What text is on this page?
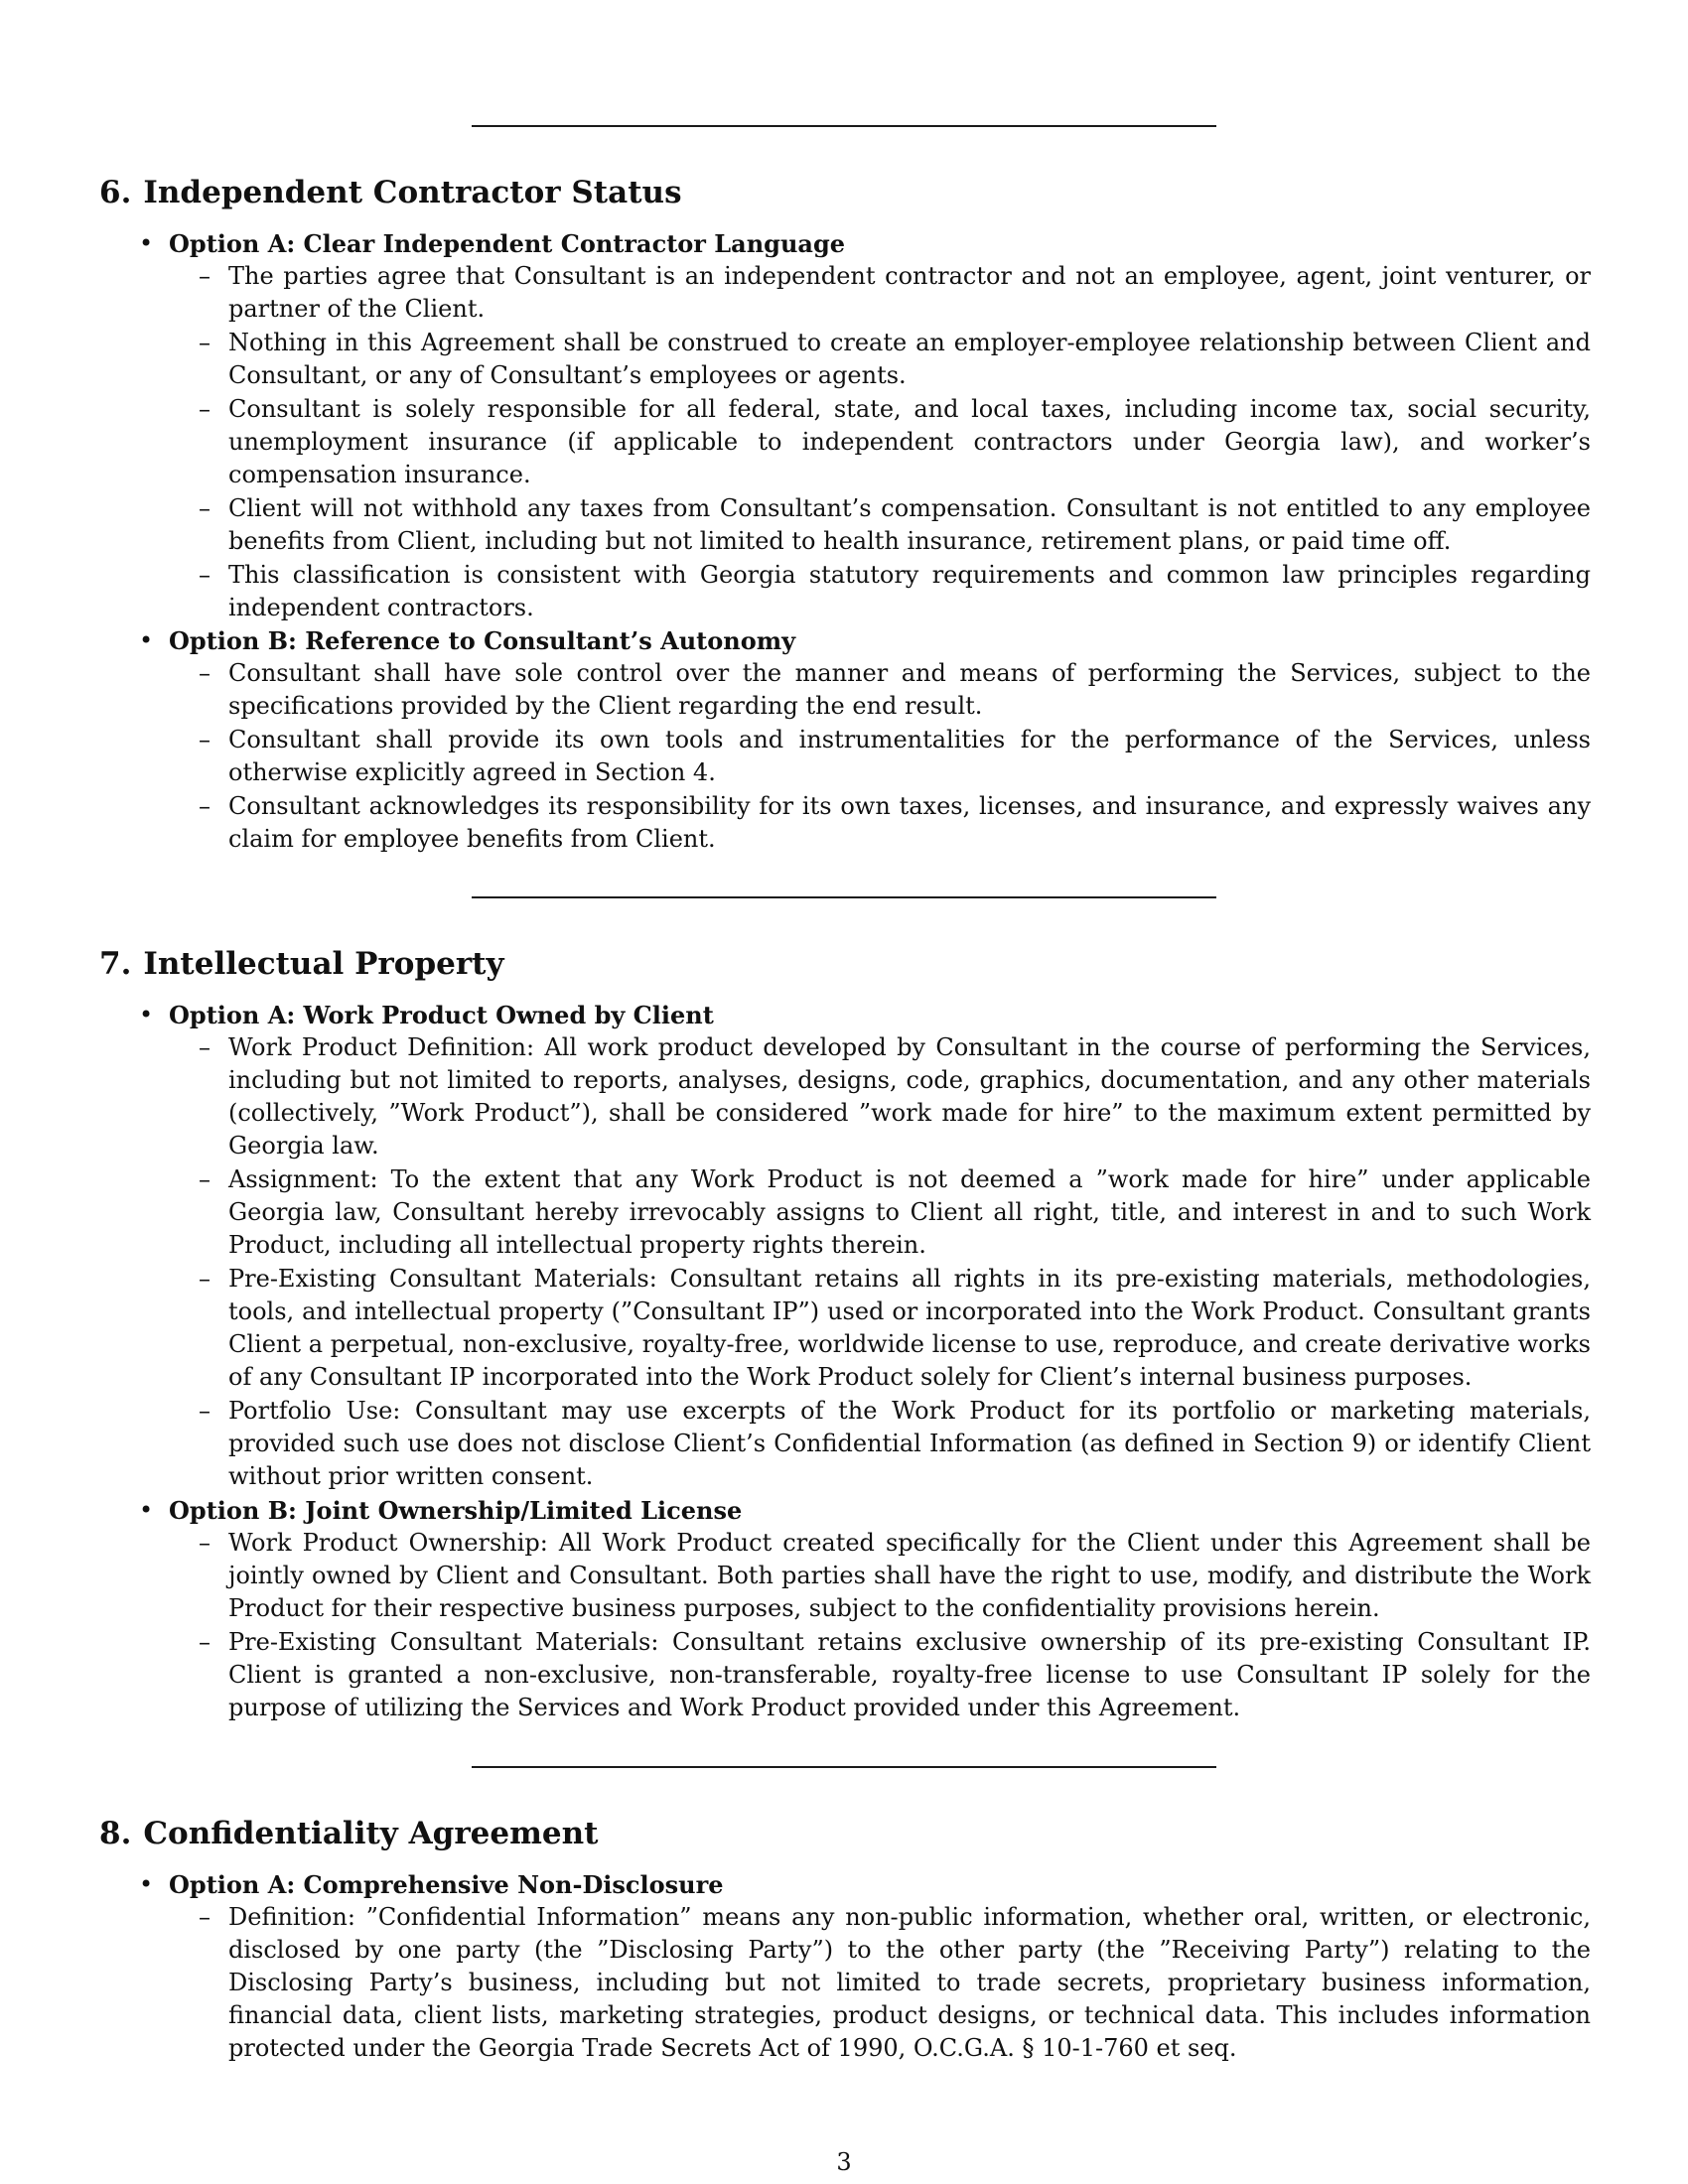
6. Independent Contractor Status
• Option A: Clear Independent Contractor Language

– The parties agree that Consultant is an independent contractor and not an employee, agent, joint venturer, or partner of the Client.

– Nothing in this Agreement shall be construed to create an employer-employee relationship between Client and Consultant, or any of Consultant’s employees or agents.

– Consultant is solely responsible for all federal, state, and local taxes, including income tax, social security, unemployment insurance (if applicable to independent contractors under Georgia law), and worker’s compensation insurance.

– Client will not withhold any taxes from Consultant’s compensation. Consultant is not entitled to any employee benefits from Client, including but not limited to health insurance, retirement plans, or paid time off.

– This classification is consistent with Georgia statutory requirements and common law principles regarding independent contractors.

• Option B: Reference to Consultant’s Autonomy

– Consultant shall have sole control over the manner and means of performing the Services, subject to the specifications provided by the Client regarding the end result.

– Consultant shall provide its own tools and instrumentalities for the performance of the Services, unless otherwise explicitly agreed in Section 4.

– Consultant acknowledges its responsibility for its own taxes, licenses, and insurance, and expressly waives any claim for employee benefits from Client.

7. Intellectual Property
• Option A: Work Product Owned by Client

– Work Product Definition: All work product developed by Consultant in the course of performing the Services, including but not limited to reports, analyses, designs, code, graphics, documentation, and any other materials (collectively, ”Work Product”), shall be considered ”work made for hire” to the maximum extent permitted by Georgia law.

– Assignment: To the extent that any Work Product is not deemed a ”work made for hire” under applicable Georgia law, Consultant hereby irrevocably assigns to Client all right, title, and interest in and to such Work Product, including all intellectual property rights therein.

– Pre-Existing Consultant Materials: Consultant retains all rights in its pre-existing materials, methodologies, tools, and intellectual property (”Consultant IP”) used or incorporated into the Work Product. Consultant grants Client a perpetual, non-exclusive, royalty-free, worldwide license to use, reproduce, and create derivative works of any Consultant IP incorporated into the Work Product solely for Client’s internal business purposes.

– Portfolio Use: Consultant may use excerpts of the Work Product for its portfolio or marketing materials, provided such use does not disclose Client’s Confidential Information (as defined in Section 9) or identify Client without prior written consent.

• Option B: Joint Ownership/Limited License

– Work Product Ownership: All Work Product created specifically for the Client under this Agreement shall be jointly owned by Client and Consultant. Both parties shall have the right to use, modify, and distribute the Work Product for their respective business purposes, subject to the confidentiality provisions herein.

– Pre-Existing Consultant Materials: Consultant retains exclusive ownership of its pre-existing Consultant IP. Client is granted a non-exclusive, non-transferable, royalty-free license to use Consultant IP solely for the purpose of utilizing the Services and Work Product provided under this Agreement.

8. Confidentiality Agreement
• Option A: Comprehensive Non-Disclosure

– Definition: ”Confidential Information” means any non-public information, whether oral, written, or electronic, disclosed by one party (the ”Disclosing Party”) to the other party (the ”Receiving Party”) relating to the Disclosing Party’s business, including but not limited to trade secrets, proprietary business information, financial data, client lists, marketing strategies, product designs, or technical data. This includes information protected under the Georgia Trade Secrets Act of 1990, O.C.G.A. § 10-1-760 et seq.

3
